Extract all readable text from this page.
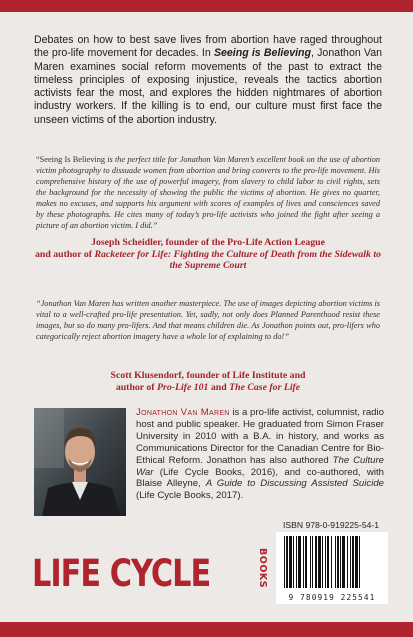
Debates on how to best save lives from abortion have raged throughout the pro-life movement for decades. In Seeing is Believing, Jonathon Van Maren examines social reform movements of the past to extract the timeless principles of exposing injustice, reveals the tactics abortion activists fear the most, and explores the hidden nightmares of abortion industry workers. If the killing is to end, our culture must first face the unseen victims of the abortion industry.

“Seeing Is Believing is the perfect title for Jonathon Van Maren’s excellent book on the use of abortion victim photography to dissuade women from abortion and bring converts to the pro-life movement. His comprehensive history of the use of powerful imagery, from slavery to child labor to civil rights, sets the background for the necessity of showing the public the victims of abortion. He gives no quarter, makes no excuses, and supports his argument with scores of examples of lives and consciences saved by these photographs. He cites many of today’s pro-life activists who joined the fight after seeing a picture of an abortion victim. I did.”

Joseph Scheidler, founder of the Pro-Life Action League
and author of Racketeer for Life: Fighting the Culture of Death from the Sidewalk to the Supreme Court

“Jonathon Van Maren has written another masterpiece. The use of images depicting abortion victims is vital to a well-crafted pro-life presentation. Yet, sadly, not only does Planned Parenthood resist these images, but so do many pro-lifers. And that means children die. As Jonathon points out, pro-lifers who categorically reject abortion imagery have a whole lot of explaining to do!”

Scott Klusendorf, founder of Life Institute and
author of Pro-Life 101 and The Case for Life

Jonathon Van Maren is a pro-life activist, columnist, radio host and public speaker. He graduated from Simon Fraser University in 2010 with a B.A. in history, and works as Communications Director for the Canadian Centre for Bio-Ethical Reform. Jonathon has also authored The Culture War (Life Cycle Books, 2016), and co-authored, with Blaise Alleyne, A Guide to Discussing Assisted Suicide (Life Cycle Books, 2017).

ISBN 978-0-919225-54-1
9 780919 225541
LIFE CYCLE	BOOKS
